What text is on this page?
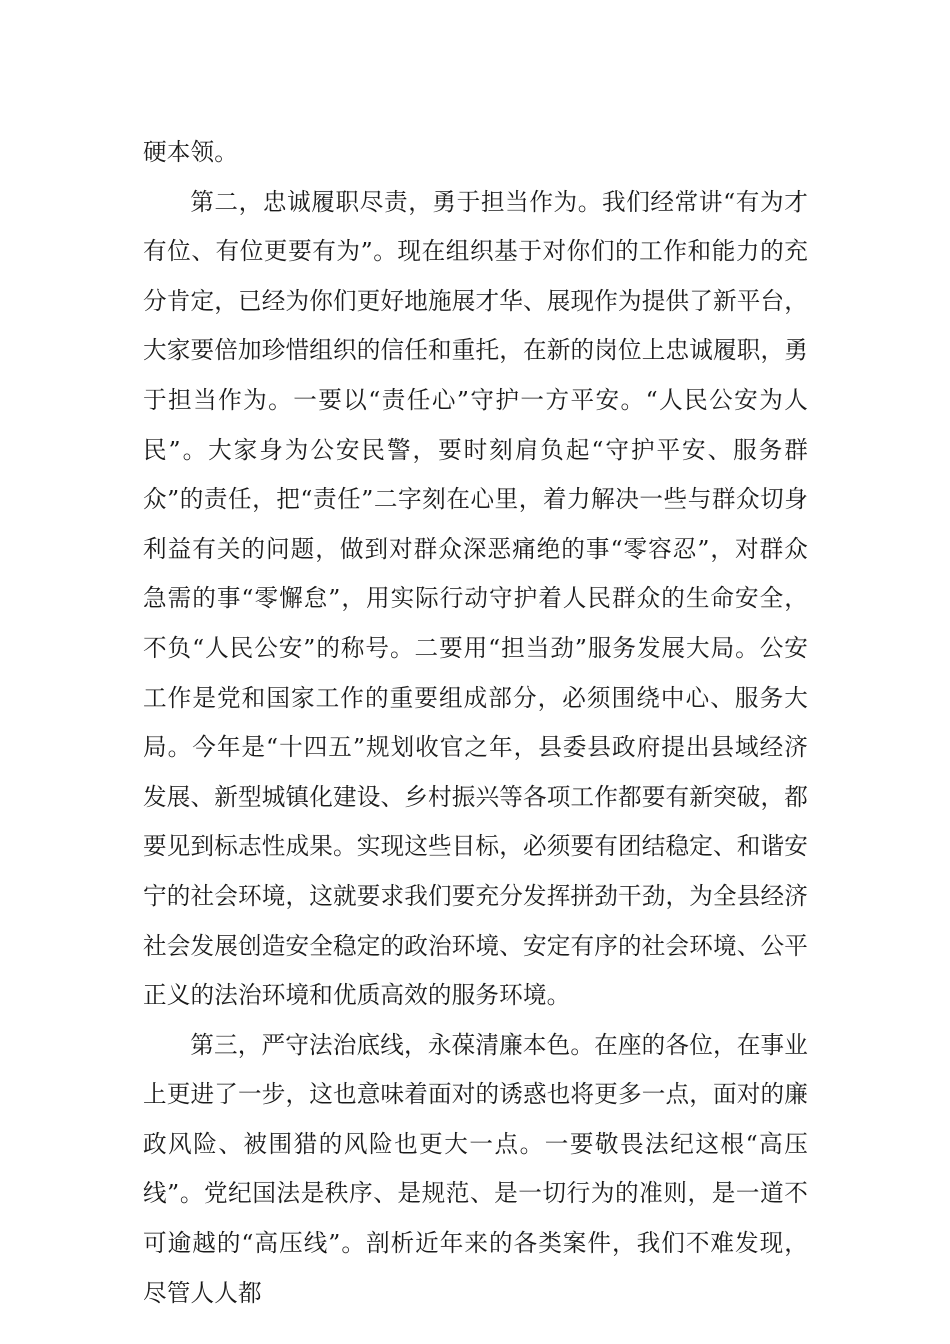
硬本领。

第二，忠诚履职尽责，勇于担当作为。我们经常讲“有为才有位、有位更要有为”。现在组织基于对你们的工作和能力的充分肯定，已经为你们更好地施展才华、展现作为提供了新平台，大家要倍加珍惜组织的信任和重托，在新的岗位上忠诚履职，勇于担当作为。一要以“责任心”守护一方平安。“人民公安为人民”。大家身为公安民警，要时刻肩负起“守护平安、服务群众”的责任，把“责任”二字刻在心里，着力解决一些与群众切身利益有关的问题，做到对群众深恶痛绝的事“零容忍”，对群众急需的事“零懈怠”，用实际行动守护着人民群众的生命安全，不负“人民公安”的称号。二要用“担当劲”服务发展大局。公安工作是党和国家工作的重要组成部分，必须围绕中心、服务大局。今年是“十四五”规划收官之年，县委县政府提出县域经济发展、新型城镇化建设、乡村振兴等各项工作都要有新突破，都要见到标志性成果。实现这些目标，必须要有团结稳定、和谐安宁的社会环境，这就要求我们要充分发挥拼劲干劲，为全县经济社会发展创造安全稳定的政治环境、安定有序的社会环境、公平正义的法治环境和优质高效的服务环境。

第三，严守法治底线，永葆清廉本色。在座的各位，在事业上更进了一步，这也意味着面对的诱惑也将更多一点，面对的廉政风险、被围猎的风险也更大一点。一要敬畏法纪这根“高压线”。党纪国法是秩序、是规范、是一切行为的准则，是一道不可逾越的“高压线”。剖析近年来的各类案件，我们不难发现，尽管人人都
